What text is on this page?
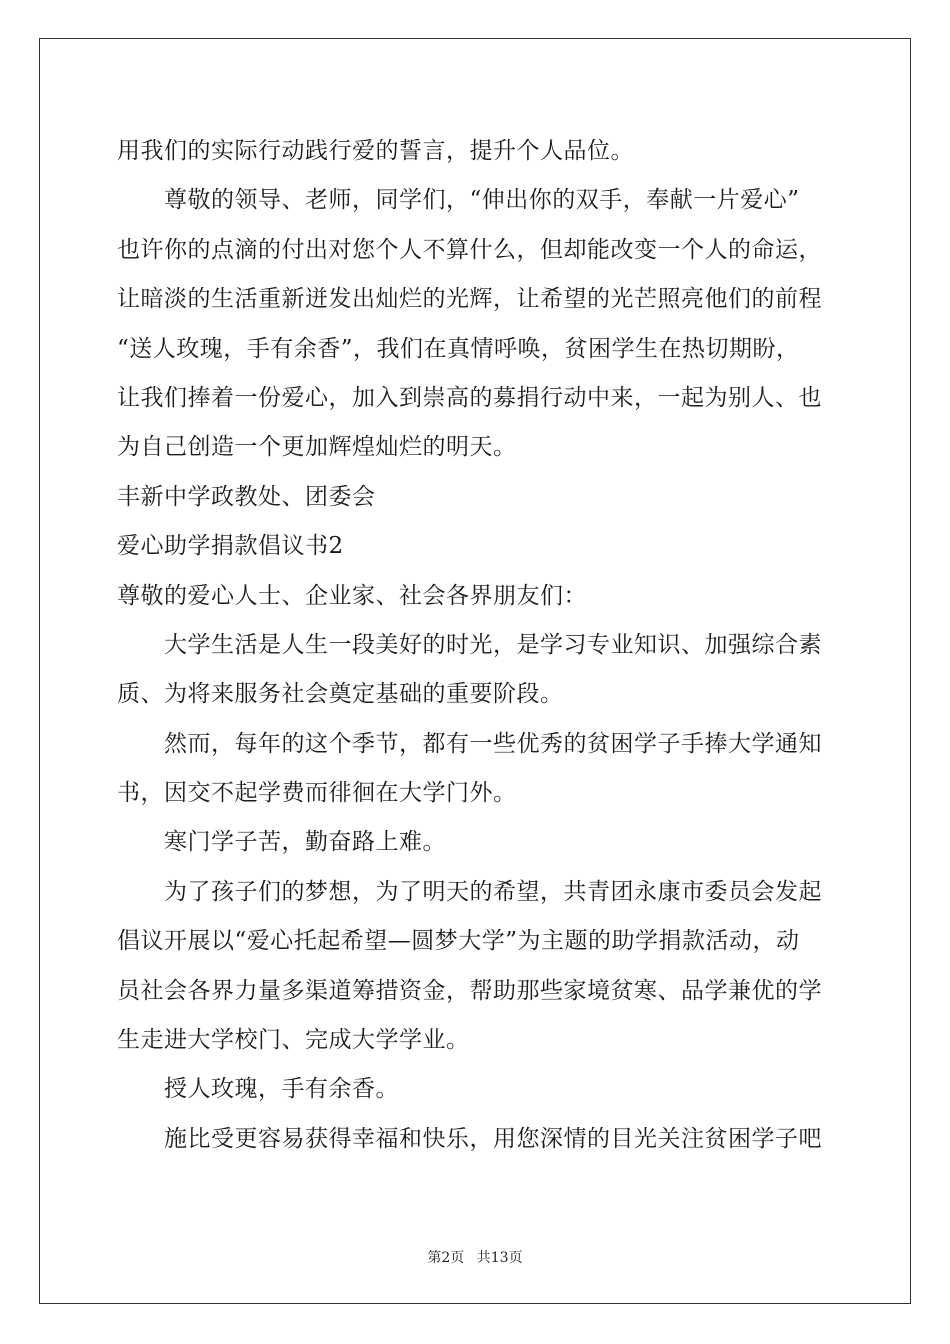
用我们的实际行动践行爱的誓言，提升个人品位。
尊敬的领导、老师，同学们，“伸出你的双手，奉献一片爱心”
也许你的点滴的付出对您个人不算什么，但却能改变一个人的命运，
让暗淡的生活重新迸发出灿烂的光辉，让希望的光芒照亮他们的前程
“送人玫瑰，手有余香”，我们在真情呼唤，贫困学生在热切期盼，
让我们捧着一份爱心，加入到崇高的募捐行动中来，一起为别人、也
为自己创造一个更加辉煌灿烂的明天。
丰新中学政教处、团委会
爱心助学捐款倡议书2
尊敬的爱心人士、企业家、社会各界朋友们：
大学生活是人生一段美好的时光，是学习专业知识、加强综合素
质、为将来服务社会奠定基础的重要阶段。
然而，每年的这个季节，都有一些优秀的贫困学子手捧大学通知
书，因交不起学费而徘徊在大学门外。
寒门学子苦，勤奋路上难。
为了孩子们的梦想，为了明天的希望，共青团永康市委员会发起
倡议开展以“爱心托起希望—圆梦大学”为主题的助学捐款活动，动
员社会各界力量多渠道筹措资金，帮助那些家境贫寒、品学兼优的学
生走进大学校门、完成大学学业。
授人玫瑰，手有余香。
施比受更容易获得幸福和快乐，用您深情的目光关注贫困学子吧
第2页 共13页
